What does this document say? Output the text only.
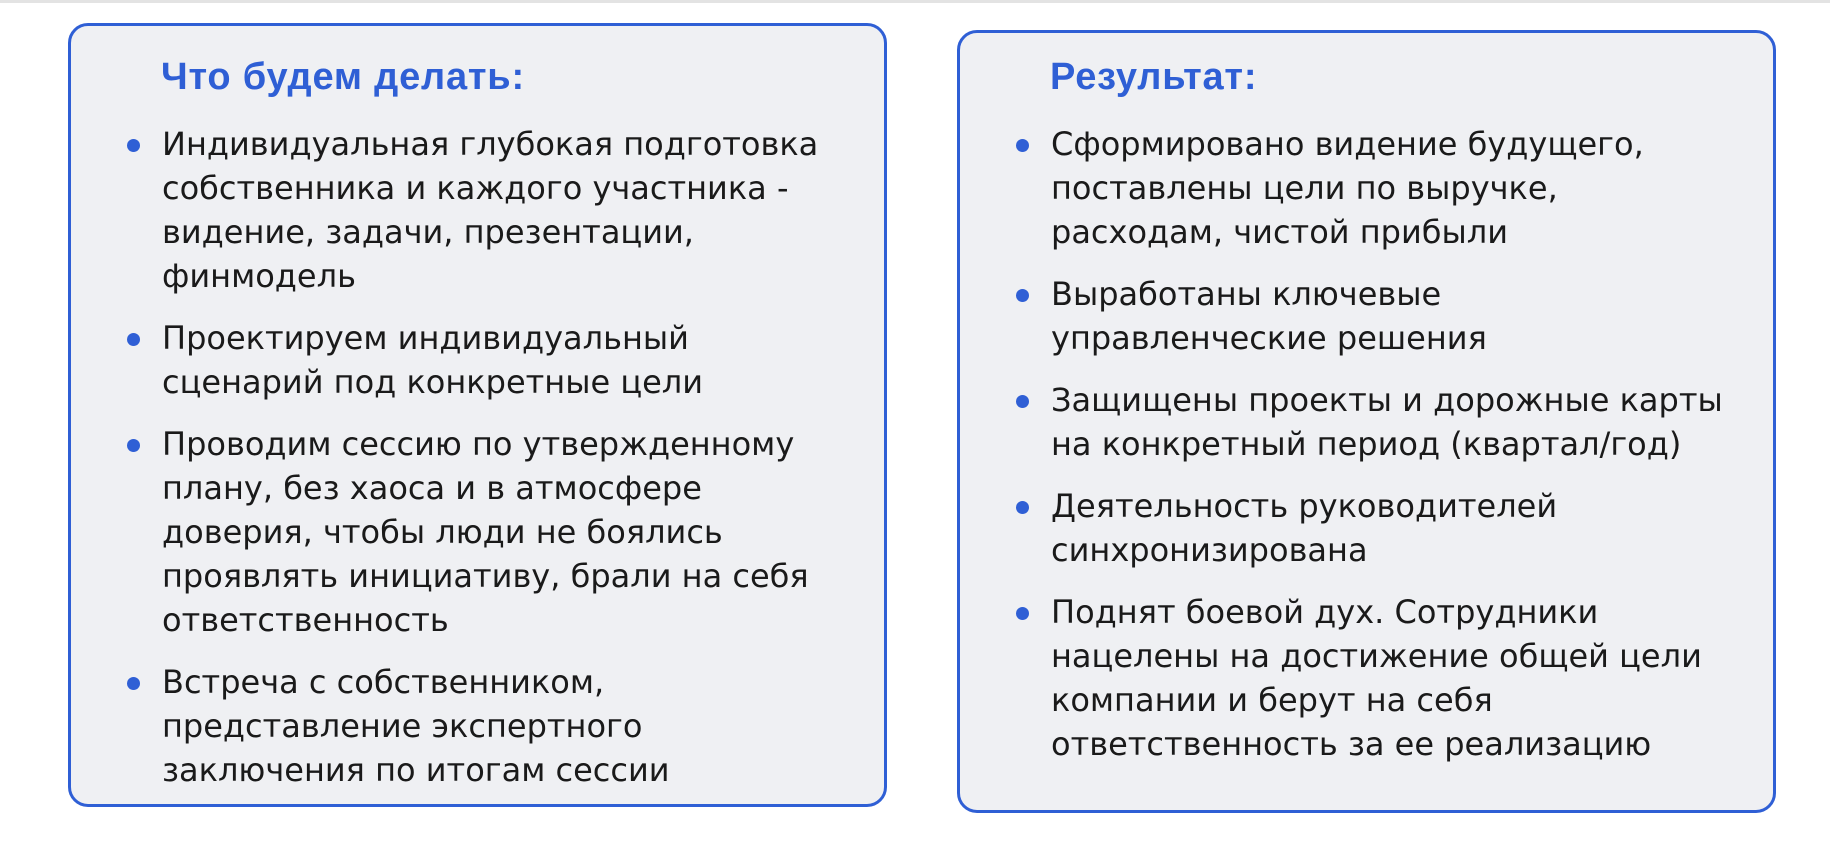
Что будем делать:
Индивидуальная глубокая подготовка
собственника и каждого участника -
видение, задачи, презентации,
финмодель
Проектируем индивидуальный
сценарий под конкретные цели
Проводим сессию по утвержденному
плану, без хаоса и в атмосфере
доверия, чтобы люди не боялись
проявлять инициативу, брали на себя
ответственность
Встреча с собственником,
представление экспертного
заключения по итогам сессии
Результат:
Сформировано видение будущего,
поставлены цели по выручке,
расходам, чистой прибыли
Выработаны ключевые
управленческие решения
Защищены проекты и дорожные карты
на конкретный период (квартал/год)
Деятельность руководителей
синхронизирована
Поднят боевой дух. Сотрудники
нацелены на достижение общей цели
компании и берут на себя
ответственность за ее реализацию
